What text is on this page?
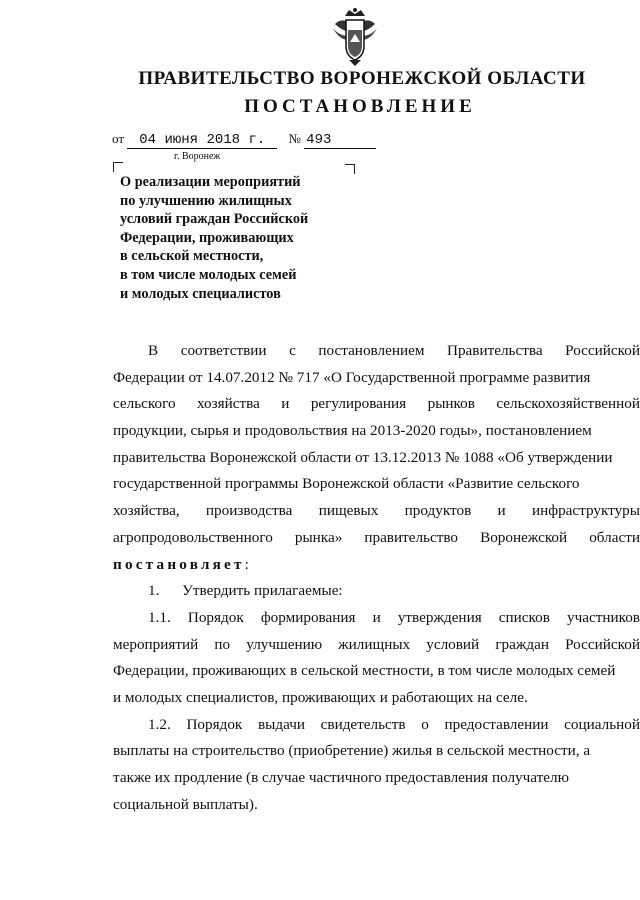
ПРАВИТЕЛЬСТВО ВОРОНЕЖСКОЙ ОБЛАСТИ
ПОСТАНОВЛЕНИЕ
от 04 июня 2018 г. № 493
г. Воронеж
О реализации мероприятий
по улучшению жилищных
условий граждан Российской
Федерации, проживающих
в сельской местности,
в том числе молодых семей
и молодых специалистов
В соответствии с постановлением Правительства Российской
Федерации от 14.07.2012 № 717 «О Государственной программе развития
сельского хозяйства и регулирования рынков сельскохозяйственной
продукции, сырья и продовольствия на 2013-2020 годы», постановлением
правительства Воронежской области от 13.12.2013 № 1088 «Об утверждении
государственной программы Воронежской области «Развитие сельского
хозяйства, производства пищевых продуктов и инфраструктуры
агропродовольственного рынка» правительство Воронежской области
постановляет:
1.      Утвердить прилагаемые:
1.1. Порядок формирования и утверждения списков участников
мероприятий по улучшению жилищных условий граждан Российской
Федерации, проживающих в сельской местности, в том числе молодых семей
и молодых специалистов, проживающих и работающих на селе.
1.2. Порядок выдачи свидетельств о предоставлении социальной
выплаты на строительство (приобретение) жилья в сельской местности, а
также их продление (в случае частичного предоставления получателю
социальной выплаты).
